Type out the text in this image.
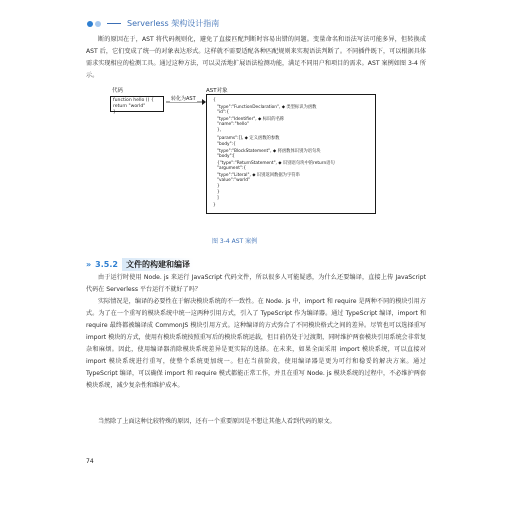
Serverless 架构设计指南
断的原因在于，AST 将代码规则化，避免了直接匹配判断时容易出错的问题。变量命名和语法写法可能多异，但转换成 AST 后，它们变成了统一的对象表达形式。这样就不需要适配各种匹配规则来实现语法判断了。不同插件既下，可以根据具体需求实现相应的检测工具。通过这种方法，可以灵活地扩展语法检测功能，满足不同用户和项目的需求。AST 案例如图 3-4 所示。
代码
function hello () {
return "world"
}
转化为AST
AST对象
{
"type":"FunctionDeclaration", ◆ 类型标识为函数
"id":{
"type":"Identifier", ◆ 标识的名称
"name":"hello"
},
"params":[], ◆ 定义函数的参数
"body":{
"type":"BlockStatement", ◆ 将函数体识别为语句块
"body":[
{"type":"ReturnStatement", ◆ 识别语句块中的return语句
"argument":{
"type":"Literal", ◆ 识别返回数据为字符串
"value":"world"
}
}
]
}
图 3-4 AST 案例
» 3.5.2	文件的构建和编译
由于运行时使用 Node. js 来运行 JavaScript 代码文件，所以很多人可能疑惑，为什么还要编译，直接上传 JavaScript 代码在 Serverless 平台运行不就好了吗？
实际情况是，编译的必要性在于解决模块系统的不一致性。在 Node. js 中，import 和 require 是两种不同的模块引用方式。为了在一个重写的模块系统中统一这两种引用方式，引入了 TypeScript 作为编译器。通过 TypeScript 编译，import 和 require 最终都被编译成 CommonJS 模块引用方式。这种编译的方式弥合了不同模块格式之间的差异。尽管也可以选择重写 import 模块的方式，使用有模块系统按照重写后的模块系统运载，但目前仍处于过渡期，同时维护两套模块引用系统会非常复杂和麻烦。因此，使用编译器消除模块系统差异是更实际的选择。在未来，如果全面采用 import 模块系统，可以直接对 import 模块系统进行重写，使整个系统更加统一。但在当前阶段，使用编译器是更为可行和稳妥的解决方案。通过 TypeScript 编译，可以确保 import 和 require 模式都能正常工作，并且在重写 Node. js 模块系统的过程中，不必维护两套模块系统，减少复杂性和维护成本。
当然除了上面这种比较特殊的原因，还有一个重要原因是不想让其他人看到代码的原文。
74
